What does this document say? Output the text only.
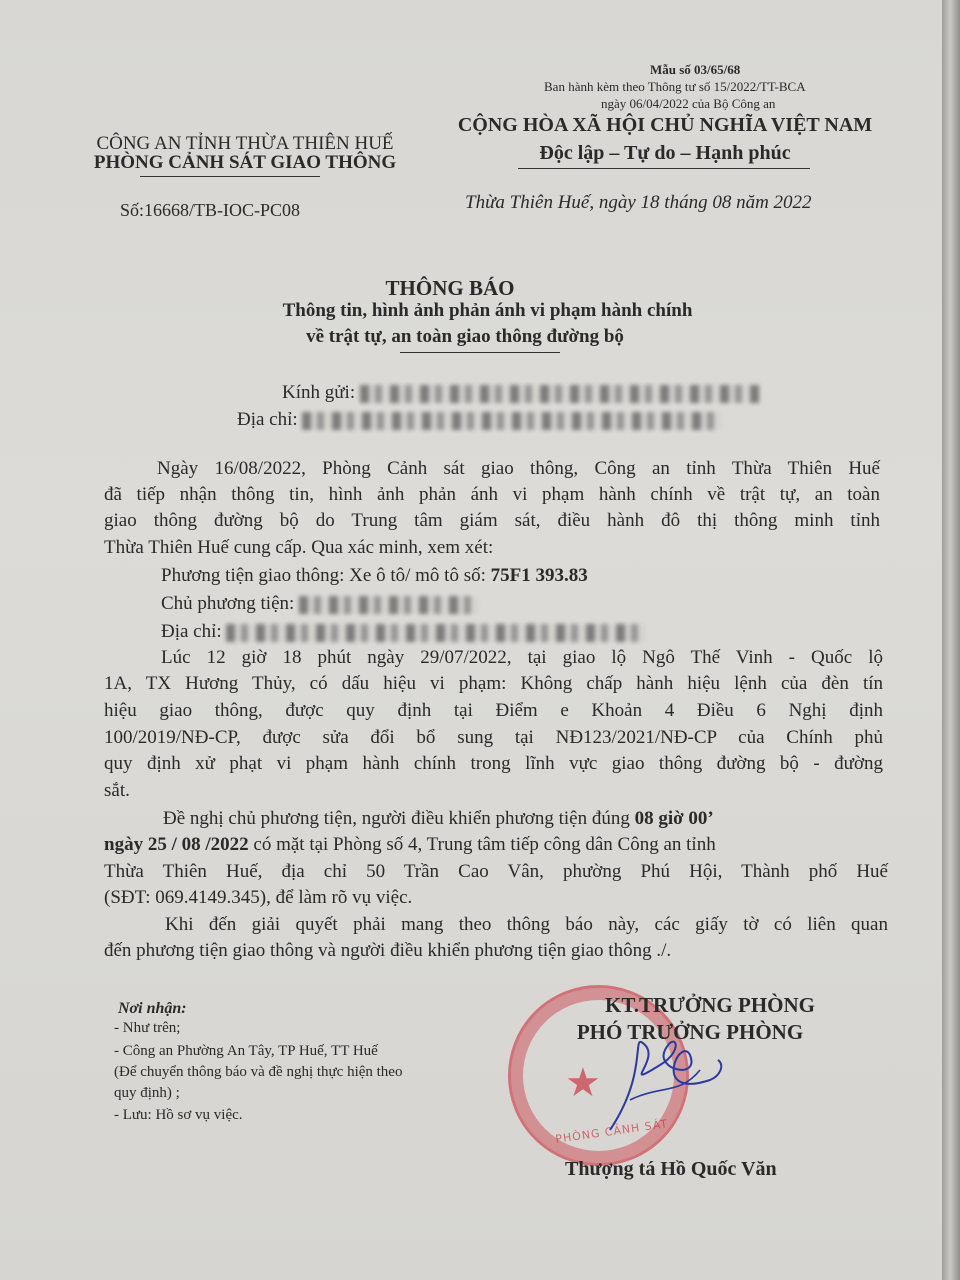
Mẫu số 03/65/68
Ban hành kèm theo Thông tư số 15/2022/TT-BCA
ngày 06/04/2022 của Bộ Công an
CÔNG AN TỈNH THỪA THIÊN HUẾ
PHÒNG CẢNH SÁT GIAO THÔNG
CỘNG HÒA XÃ HỘI CHỦ NGHĨA VIỆT NAM
Độc lập – Tự do – Hạnh phúc
Số:16668/TB-IOC-PC08	Thừa Thiên Huế, ngày 18 tháng 08 năm 2022
THÔNG BÁO
Thông tin, hình ảnh phản ánh vi phạm hành chính
về trật tự, an toàn giao thông đường bộ
Kính gửi:
Địa chỉ:
Ngày 16/08/2022, Phòng Cảnh sát giao thông, Công an tỉnh Thừa Thiên Huế
đã tiếp nhận thông tin, hình ảnh phản ánh vi phạm hành chính về trật tự, an toàn
giao thông đường bộ do Trung tâm giám sát, điều hành đô thị thông minh tỉnh
Thừa Thiên Huế cung cấp. Qua xác minh, xem xét:
Phương tiện giao thông: Xe ô tô/ mô tô số: 75F1 393.83
Chủ phương tiện:
Địa chỉ:
Lúc 12 giờ 18 phút ngày 29/07/2022, tại giao lộ Ngô Thế Vinh - Quốc lộ
1A, TX Hương Thủy, có dấu hiệu vi phạm: Không chấp hành hiệu lệnh của đèn tín
hiệu giao thông, được quy định tại Điểm e Khoản 4 Điều 6 Nghị định
100/2019/NĐ-CP, được sửa đổi bổ sung tại NĐ123/2021/NĐ-CP của Chính phủ
quy định xử phạt vi phạm hành chính trong lĩnh vực giao thông đường bộ - đường
sắt.
Đề nghị chủ phương tiện, người điều khiển phương tiện đúng 08 giờ 00’
ngày 25 / 08 /2022 có mặt tại Phòng số 4, Trung tâm tiếp công dân Công an tỉnh
Thừa Thiên Huế, địa chỉ 50 Trần Cao Vân, phường Phú Hội, Thành phố Huế
(SĐT: 069.4149.345), để làm rõ vụ việc.
Khi đến giải quyết phải mang theo thông báo này, các giấy tờ có liên quan
đến phương tiện giao thông và người điều khiển phương tiện giao thông ./.
Nơi nhận:
- Như trên;
- Công an Phường An Tây, TP Huế, TT Huế
(Để chuyển thông báo và đề nghị thực hiện theo
quy định) ;
- Lưu: Hồ sơ vụ việc.
★
PHÒNG CẢNH SÁT
KT.TRƯỞNG PHÒNG
PHÓ TRƯỞNG PHÒNG
Thượng tá Hồ Quốc Văn
